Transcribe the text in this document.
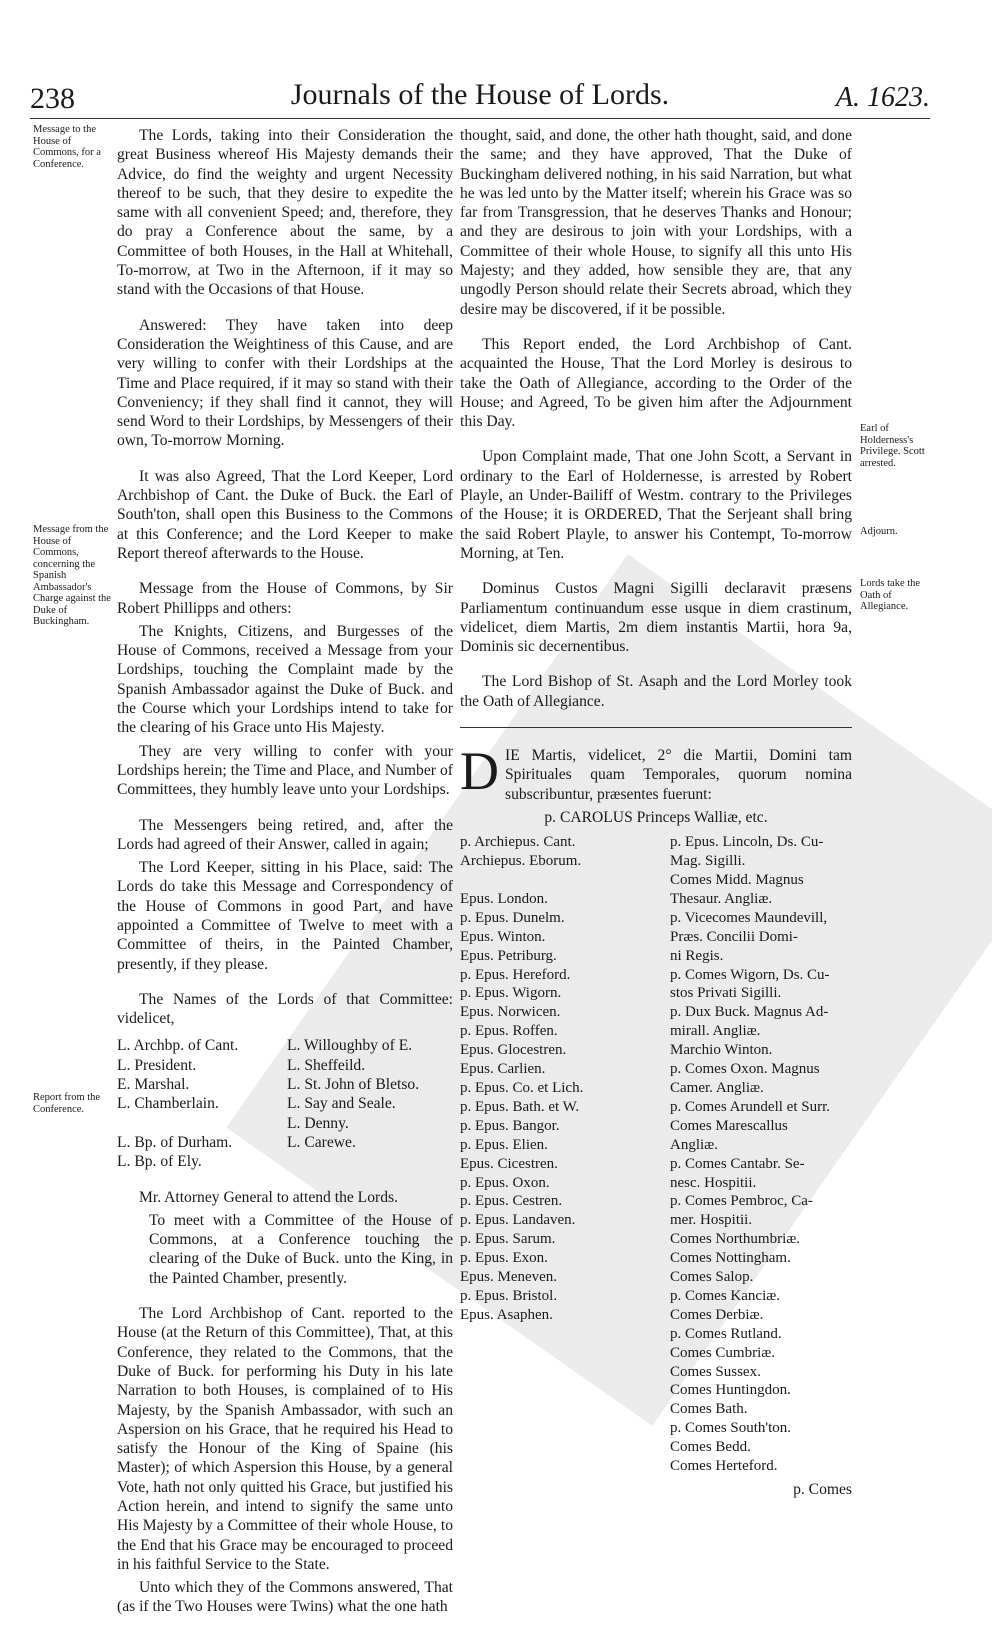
238	Journals of the House of Lords.	A. 1623.
Message to the House of Commons, for a Conference.
Message from the House of Commons, concerning the Spanish Ambassador's Charge against the Duke of Buckingham.
Report from the Conference.
Earl of Holderness's Privilege. Scott arrested.
Adjourn.
Lords take the Oath of Allegiance.

The Lords, taking into their Consideration the great Business whereof His Majesty demands their Advice, do find the weighty and urgent Necessity thereof to be such, that they desire to expedite the same with all convenient Speed; and, therefore, they do pray a Conference about the same, by a Committee of both Houses, in the Hall at Whitehall, To-morrow, at Two in the Afternoon, if it may so stand with the Occasions of that House.

Answered: They have taken into deep Consideration the Weightiness of this Cause, and are very willing to confer with their Lordships at the Time and Place required, if it may so stand with their Conveniency; if they shall find it cannot, they will send Word to their Lordships, by Messengers of their own, To-morrow Morning.

It was also Agreed, That the Lord Keeper, Lord Archbishop of Cant. the Duke of Buck. the Earl of South'ton, shall open this Business to the Commons at this Conference; and the Lord Keeper to make Report thereof afterwards to the House.

Message from the House of Commons, by Sir Robert Phillipps and others:

The Knights, Citizens, and Burgesses of the House of Commons, received a Message from your Lordships, touching the Complaint made by the Spanish Ambassador against the Duke of Buck. and the Course which your Lordships intend to take for the clearing of his Grace unto His Majesty.

They are very willing to confer with your Lordships herein; the Time and Place, and Number of Committees, they humbly leave unto your Lordships.

The Messengers being retired, and, after the Lords had agreed of their Answer, called in again;

The Lord Keeper, sitting in his Place, said: The Lords do take this Message and Correspondency of the House of Commons in good Part, and have appointed a Committee of Twelve to meet with a Committee of theirs, in the Painted Chamber, presently, if they please.

The Names of the Lords of that Committee: videlicet,

L. Archbp. of Cant.
L. President.
E. Marshal.
L. Chamberlain.

L. Bp. of Durham.
L. Bp. of Ely.
L. Willoughby of E.
L. Sheffeild.
L. St. John of Bletso.
L. Say and Seale.
L. Denny.
L. Carewe.

Mr. Attorney General to attend the Lords.

To meet with a Committee of the House of Commons, at a Conference touching the clearing of the Duke of Buck. unto the King, in the Painted Chamber, presently.

The Lord Archbishop of Cant. reported to the House (at the Return of this Committee), That, at this Conference, they related to the Commons, that the Duke of Buck. for performing his Duty in his late Narration to both Houses, is complained of to His Majesty, by the Spanish Ambassador, with such an Aspersion on his Grace, that he required his Head to satisfy the Honour of the King of Spaine (his Master); of which Aspersion this House, by a general Vote, hath not only quitted his Grace, but justified his Action herein, and intend to signify the same unto His Majesty by a Committee of their whole House, to the End that his Grace may be encouraged to proceed in his faithful Service to the State.

Unto which they of the Commons answered, That (as if the Two Houses were Twins) what the one hath

thought, said, and done, the other hath thought, said, and done the same; and they have approved, That the Duke of Buckingham delivered nothing, in his said Narration, but what he was led unto by the Matter itself; wherein his Grace was so far from Transgression, that he deserves Thanks and Honour; and they are desirous to join with your Lordships, with a Committee of their whole House, to signify all this unto His Majesty; and they added, how sensible they are, that any ungodly Person should relate their Secrets abroad, which they desire may be discovered, if it be possible.

This Report ended, the Lord Archbishop of Cant. acquainted the House, That the Lord Morley is desirous to take the Oath of Allegiance, according to the Order of the House; and Agreed, To be given him after the Adjournment this Day.

Upon Complaint made, That one John Scott, a Servant in ordinary to the Earl of Holdernesse, is arrested by Robert Playle, an Under-Bailiff of Westm. contrary to the Privileges of the House; it is ORDERED, That the Serjeant shall bring the said Robert Playle, to answer his Contempt, To-morrow Morning, at Ten.

Dominus Custos Magni Sigilli declaravit præsens Parliamentum continuandum esse usque in diem crastinum, videlicet, diem Martis, 2m diem instantis Martii, hora 9a, Dominis sic decernentibus.

The Lord Bishop of St. Asaph and the Lord Morley took the Oath of Allegiance.

D IE Martis, videlicet, 2° die Martii, Domini tam Spirituales quam Temporales, quorum nomina subscribuntur, præsentes fuerunt:

p. CAROLUS Princeps Walliæ, etc.

p. Archiepus. Cant.
Archiepus. Eborum.

Epus. London.
p. Epus. Dunelm.
Epus. Winton.
Epus. Petriburg.
p. Epus. Hereford.
p. Epus. Wigorn.
Epus. Norwicen.
p. Epus. Roffen.
Epus. Glocestren.
Epus. Carlien.
p. Epus. Co. et Lich.
p. Epus. Bath. et W.
p. Epus. Bangor.
p. Epus. Elien.
Epus. Cicestren.
p. Epus. Oxon.
p. Epus. Cestren.
p. Epus. Landaven.
p. Epus. Sarum.
p. Epus. Exon.
Epus. Meneven.
p. Epus. Bristol.
Epus. Asaphen.
p. Epus. Lincoln, Ds. Cu-
Mag. Sigilli.
Comes Midd. Magnus
Thesaur. Angliæ.
p. Vicecomes Maundevill,
Præs. Concilii Domi-
ni Regis.
p. Comes Wigorn, Ds. Cu-
stos Privati Sigilli.
p. Dux Buck. Magnus Ad-
mirall. Angliæ.
Marchio Winton.
p. Comes Oxon. Magnus
Camer. Angliæ.
p. Comes Arundell et Surr.
Comes Marescallus
Angliæ.
p. Comes Cantabr. Se-
nesc. Hospitii.
p. Comes Pembroc, Ca-
mer. Hospitii.
Comes Northumbriæ.
Comes Nottingham.
Comes Salop.
p. Comes Kanciæ.
Comes Derbiæ.
p. Comes Rutland.
Comes Cumbriæ.
Comes Sussex.
Comes Huntingdon.
Comes Bath.
p. Comes South'ton.
Comes Bedd.
Comes Herteford.
p. Comes
